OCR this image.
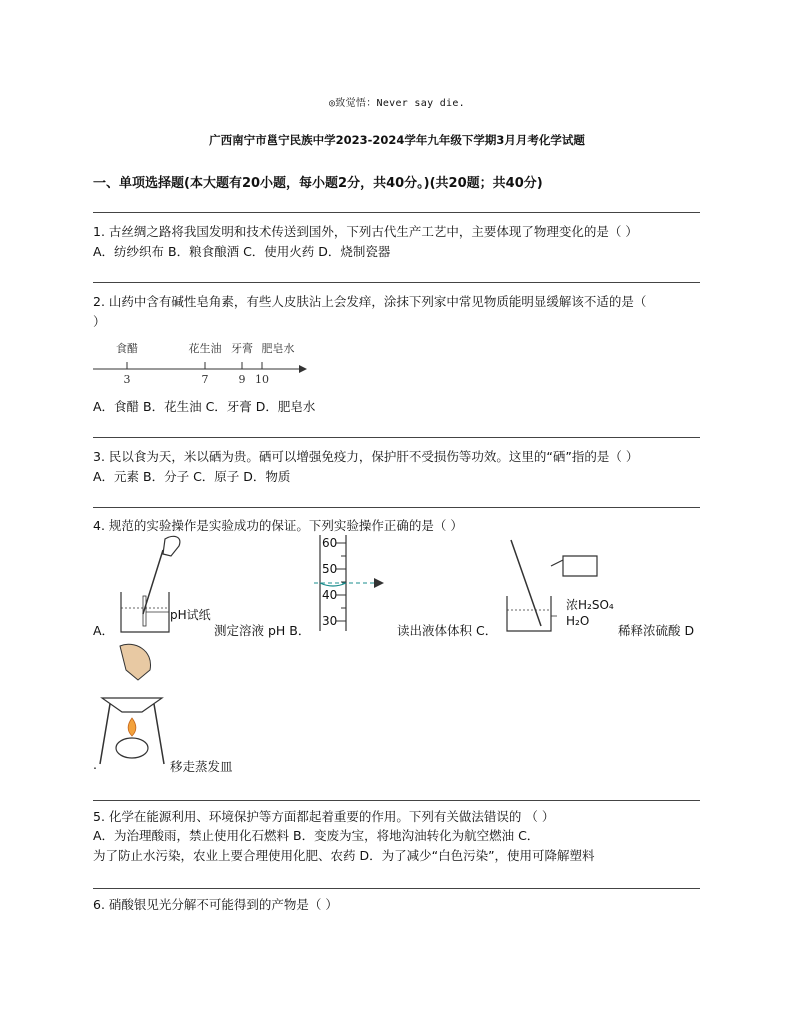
◎致觉悟：Never say die.
广西南宁市邕宁民族中学2023-2024学年九年级下学期3月月考化学试题
一、单项选择题(本大题有20小题，每小题2分，共40分。)(共20题；共40分)
1. 古丝绸之路将我国发明和技术传送到国外，下列古代生产工艺中，主要体现了物理变化的是（ ）
A．纺纱织布 B．粮食酿酒 C．使用火药 D．烧制瓷器
2. 山药中含有碱性皂角素，有些人皮肤沾上会发痒，涂抹下列家中常见物质能明显缓解该不适的是（
）
食醋	花生油 牙膏 肥皂水
3	7	9 10
A．食醋 B．花生油 C．牙膏 D．肥皂水
3. 民以食为天，米以硒为贵。硒可以增强免疫力，保护肝不受损伤等功效。这里的“硒”指的是（ ）
A．元素 B．分子 C．原子 D．物质
4. 规范的实验操作是实验成功的保证。下列实验操作正确的是（ ）
pH试纸
A．	测定溶液 pH B．
60
50
40
30
读出液体体积 C．
浓H₂SO₄
H₂O
稀释浓硫酸 D
.	移走蒸发皿
5. 化学在能源利用、环境保护等方面都起着重要的作用。下列有关做法错误的 （ ）
A．为治理酸雨，禁止使用化石燃料 B．变废为宝，将地沟油转化为航空燃油 C．
为了防止水污染，农业上要合理使用化肥、农药 D．为了减少“白色污染”，使用可降解塑料
6. 硝酸银见光分解不可能得到的产物是（ ）
